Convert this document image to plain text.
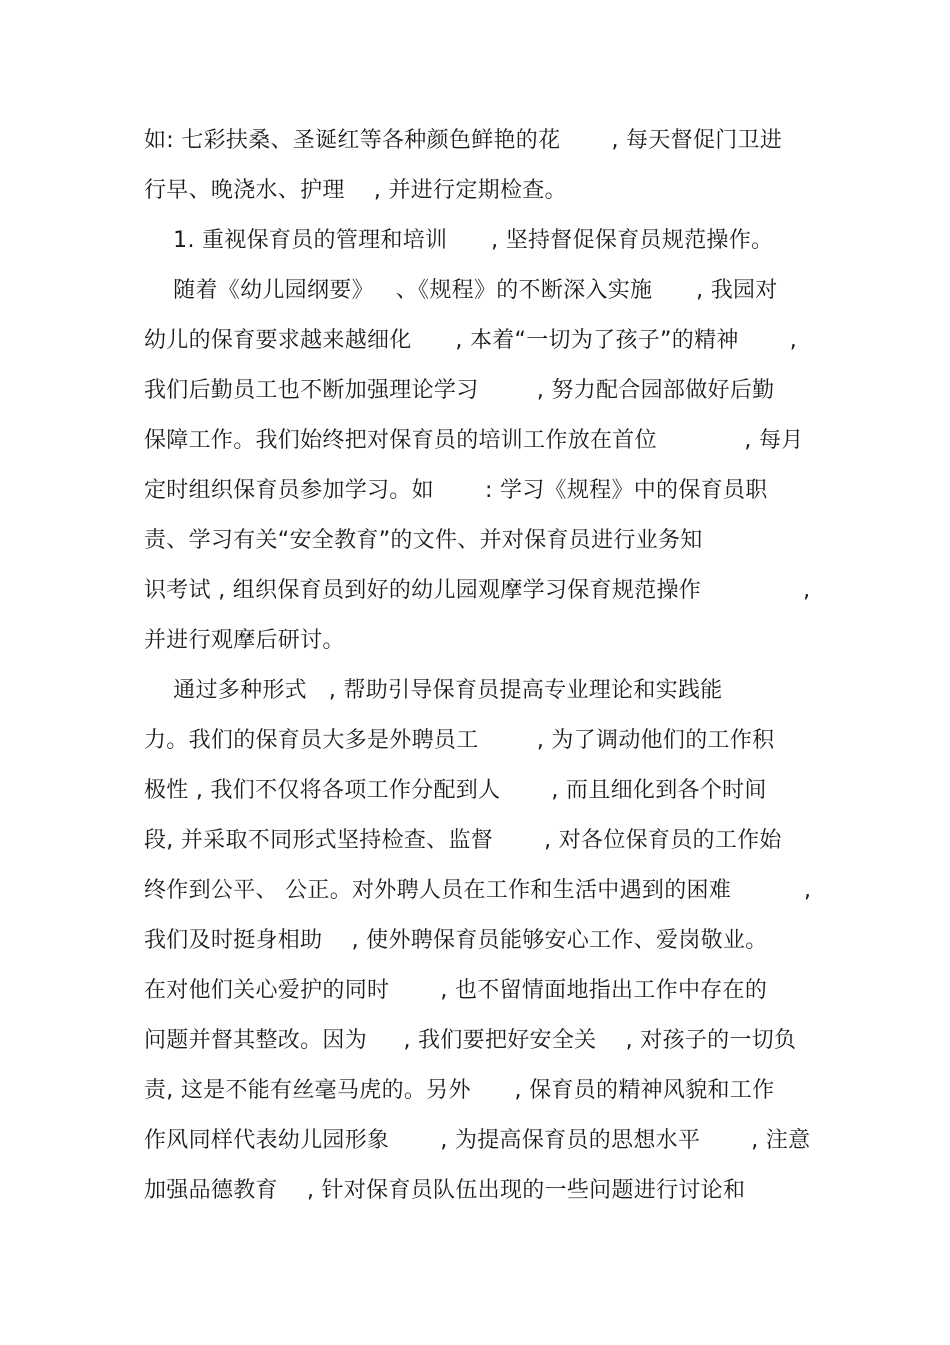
如: 七彩扶桑、圣诞红等各种颜色鲜艳的花       , 每天督促门卫进
行早、晚浇水、护理    , 并进行定期检查。
1. 重视保育员的管理和培训      , 坚持督促保育员规范操作。
随着《幼儿园纲要》   、《规程》的不断深入实施      , 我园对
幼儿的保育要求越来越细化      , 本着“一切为了孩子”的精神       ,
我们后勤员工也不断加强理论学习        , 努力配合园部做好后勤
保障工作。我们始终把对保育员的培训工作放在首位            , 每月
定时组织保育员参加学习。如       : 学习《规程》中的保育员职
责、学习有关“安全教育”的文件、并对保育员进行业务知
识考试 , 组织保育员到好的幼儿园观摩学习保育规范操作              ,
并进行观摩后研讨。
通过多种形式   , 帮助引导保育员提高专业理论和实践能
力。我们的保育员大多是外聘员工        , 为了调动他们的工作积
极性 , 我们不仅将各项工作分配到人       , 而且细化到各个时间
段, 并采取不同形式坚持检查、监督       , 对各位保育员的工作始
终作到公平、 公正。对外聘人员在工作和生活中遇到的困难          ,
我们及时挺身相助    , 使外聘保育员能够安心工作、爱岗敬业。
在对他们关心爱护的同时       , 也不留情面地指出工作中存在的
问题并督其整改。因为     , 我们要把好安全关    , 对孩子的一切负
责, 这是不能有丝毫马虎的。另外      , 保育员的精神风貌和工作
作风同样代表幼儿园形象       , 为提高保育员的思想水平       , 注意
加强品德教育    , 针对保育员队伍出现的一些问题进行讨论和
